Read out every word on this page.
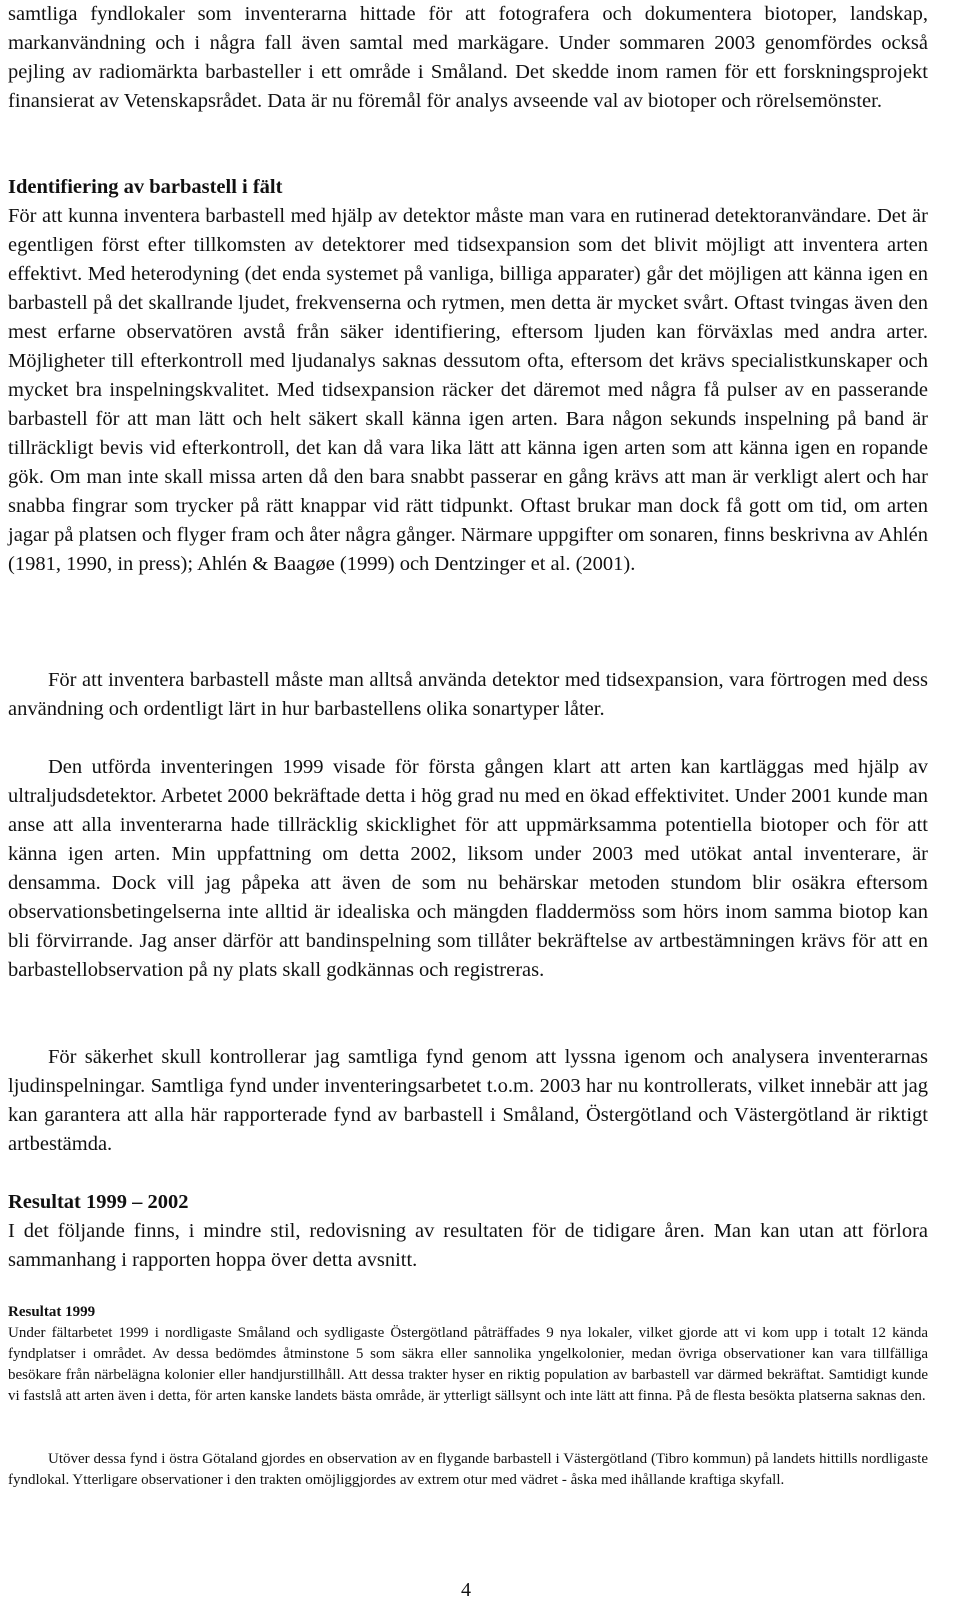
samtliga fyndlokaler som inventerarna hittade för att fotografera och dokumentera biotoper, landskap, markanvändning och i några fall även samtal med markägare. Under sommaren 2003 genomfördes också pejling av radiomärkta barbasteller i ett område i Småland. Det skedde inom ramen för ett forskningsprojekt finansierat av Vetenskapsrådet. Data är nu föremål för analys avseende val av biotoper och rörelsemönster.
Identifiering av barbastell i fält
För att kunna inventera barbastell med hjälp av detektor måste man vara en rutinerad detektoranvändare. Det är egentligen först efter tillkomsten av detektorer med tidsexpansion som det blivit möjligt att inventera arten effektivt. Med heterodyning (det enda systemet på vanliga, billiga apparater) går det möjligen att känna igen en barbastell på det skallrande ljudet, frekvenserna och rytmen, men detta är mycket svårt. Oftast tvingas även den mest erfarne observatören avstå från säker identifiering, eftersom ljuden kan förväxlas med andra arter. Möjligheter till efterkontroll med ljudanalys saknas dessutom ofta, eftersom det krävs specialistkunskaper och mycket bra inspelningskvalitet. Med tidsexpansion räcker det däremot med några få pulser av en passerande barbastell för att man lätt och helt säkert skall känna igen arten. Bara någon sekunds inspelning på band är tillräckligt bevis vid efterkontroll, det kan då vara lika lätt att känna igen arten som att känna igen en ropande gök. Om man inte skall missa arten då den bara snabbt passerar en gång krävs att man är verkligt alert och har snabba fingrar som trycker på rätt knappar vid rätt tidpunkt. Oftast brukar man dock få gott om tid, om arten jagar på platsen och flyger fram och åter några gånger. Närmare uppgifter om sonaren, finns beskrivna av Ahlén (1981, 1990, in press); Ahlén & Baagøe (1999) och Dentzinger et al. (2001).
För att inventera barbastell måste man alltså använda detektor med tidsexpansion, vara förtrogen med dess användning och ordentligt lärt in hur barbastellens olika sonartyper låter.
Den utförda inventeringen 1999 visade för första gången klart att arten kan kartläggas med hjälp av ultraljudsdetektor. Arbetet 2000 bekräftade detta i hög grad nu med en ökad effektivitet. Under 2001 kunde man anse att alla inventerarna hade tillräcklig skicklighet för att uppmärksamma potentiella biotoper och för att känna igen arten. Min uppfattning om detta 2002, liksom under 2003 med utökat antal inventerare, är densamma. Dock vill jag påpeka att även de som nu behärskar metoden stundom blir osäkra eftersom observationsbetingelserna inte alltid är idealiska och mängden fladdermöss som hörs inom samma biotop kan bli förvirrande. Jag anser därför att bandinspelning som tillåter bekräftelse av artbestämningen krävs för att en barbastellobservation på ny plats skall godkännas och registreras.
För säkerhet skull kontrollerar jag samtliga fynd genom att lyssna igenom och analysera inventerarnas ljudinspelningar. Samtliga fynd under inventeringsarbetet t.o.m. 2003 har nu kontrollerats, vilket innebär att jag kan garantera att alla här rapporterade fynd av barbastell i Småland, Östergötland och Västergötland är riktigt artbestämda.
Resultat 1999 – 2002
I det följande finns, i mindre stil, redovisning av resultaten för de tidigare åren. Man kan utan att förlora sammanhang i rapporten hoppa över detta avsnitt.
Resultat 1999
Under fältarbetet 1999 i nordligaste Småland och sydligaste Östergötland påträffades 9 nya lokaler, vilket gjorde att vi kom upp i totalt 12 kända fyndplatser i området. Av dessa bedömdes åtminstone 5 som säkra eller sannolika yngelkolonier, medan övriga observationer kan vara tillfälliga besökare från närbelägna kolonier eller handjurstillhåll. Att dessa trakter hyser en riktig population av barbastell var därmed bekräftat. Samtidigt kunde vi fastslå att arten även i detta, för arten kanske landets bästa område, är ytterligt sällsynt och inte lätt att finna. På de flesta besökta platserna saknas den.
Utöver dessa fynd i östra Götaland gjordes en observation av en flygande barbastell i Västergötland (Tibro kommun) på landets hittills nordligaste fyndlokal. Ytterligare observationer i den trakten omöjliggjordes av extrem otur med vädret - åska med ihållande kraftiga skyfall.
4
